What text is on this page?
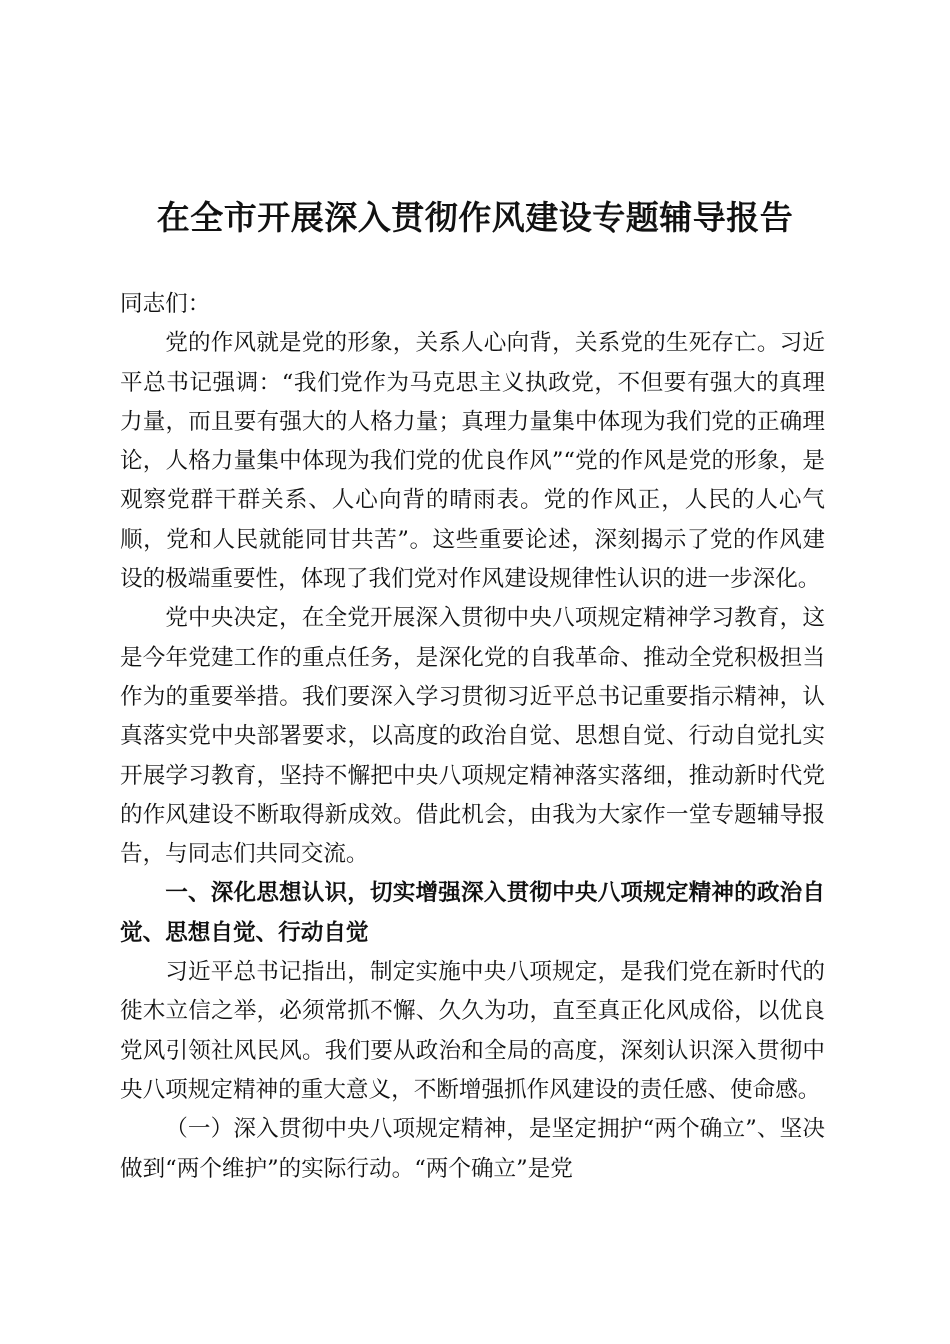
在全市开展深入贯彻作风建设专题辅导报告

同志们：

党的作风就是党的形象，关系人心向背，关系党的生死存亡。习近平总书记强调：“我们党作为马克思主义执政党，不但要有强大的真理力量，而且要有强大的人格力量；真理力量集中体现为我们党的正确理论，人格力量集中体现为我们党的优良作风”“党的作风是党的形象，是观察党群干群关系、人心向背的晴雨表。党的作风正，人民的人心气顺，党和人民就能同甘共苦”。这些重要论述，深刻揭示了党的作风建设的极端重要性，体现了我们党对作风建设规律性认识的进一步深化。

党中央决定，在全党开展深入贯彻中央八项规定精神学习教育，这是今年党建工作的重点任务，是深化党的自我革命、推动全党积极担当作为的重要举措。我们要深入学习贯彻习近平总书记重要指示精神，认真落实党中央部署要求，以高度的政治自觉、思想自觉、行动自觉扎实开展学习教育，坚持不懈把中央八项规定精神落实落细，推动新时代党的作风建设不断取得新成效。借此机会，由我为大家作一堂专题辅导报告，与同志们共同交流。

一、深化思想认识，切实增强深入贯彻中央八项规定精神的政治自觉、思想自觉、行动自觉

习近平总书记指出，制定实施中央八项规定，是我们党在新时代的徙木立信之举，必须常抓不懈、久久为功，直至真正化风成俗，以优良党风引领社风民风。我们要从政治和全局的高度，深刻认识深入贯彻中央八项规定精神的重大意义，不断增强抓作风建设的责任感、使命感。

（一）深入贯彻中央八项规定精神，是坚定拥护“两个确立”、坚决做到“两个维护”的实际行动。“两个确立”是党
